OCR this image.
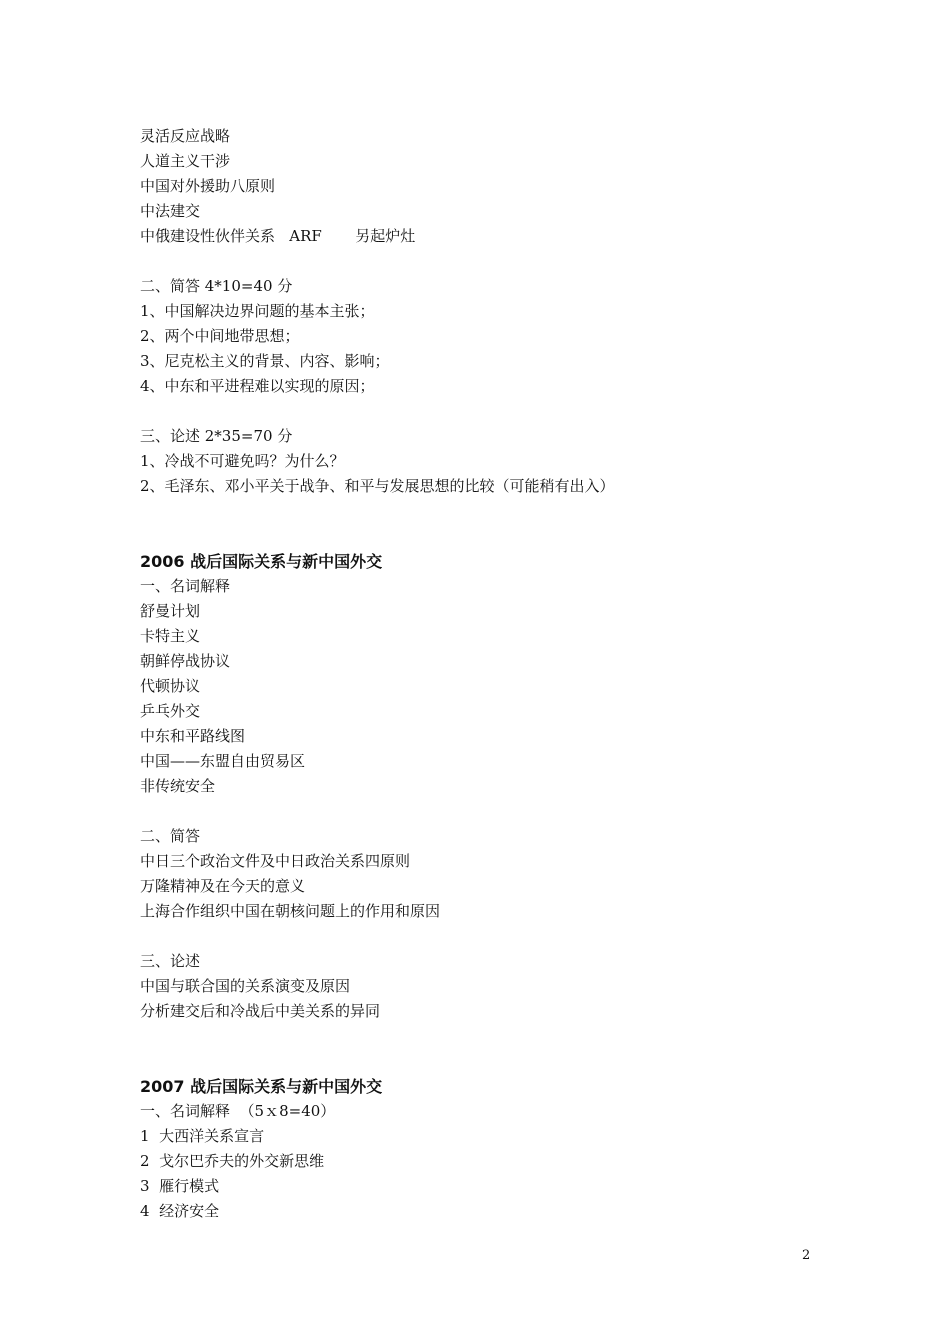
灵活反应战略
人道主义干涉
中国对外援助八原则
中法建交
中俄建设性伙伴关系   ARF       另起炉灶
二、简答 4*10=40 分
1、中国解决边界问题的基本主张；
2、两个中间地带思想；
3、尼克松主义的背景、内容、影响；
4、中东和平进程难以实现的原因；
三、论述 2*35=70 分
1、冷战不可避免吗？为什么？
2、毛泽东、邓小平关于战争、和平与发展思想的比较（可能稍有出入）
2006 战后国际关系与新中国外交
一、名词解释
舒曼计划
卡特主义
朝鲜停战协议
代顿协议
乒乓外交
中东和平路线图
中国——东盟自由贸易区
非传统安全
二、简答
中日三个政治文件及中日政治关系四原则
万隆精神及在今天的意义
上海合作组织中国在朝核问题上的作用和原因
三、论述
中国与联合国的关系演变及原因
分析建交后和冷战后中美关系的异同
2007 战后国际关系与新中国外交
一、名词解释  （5ｘ8=40）
1  大西洋关系宣言
2  戈尔巴乔夫的外交新思维
3  雁行模式
4  经济安全
2
